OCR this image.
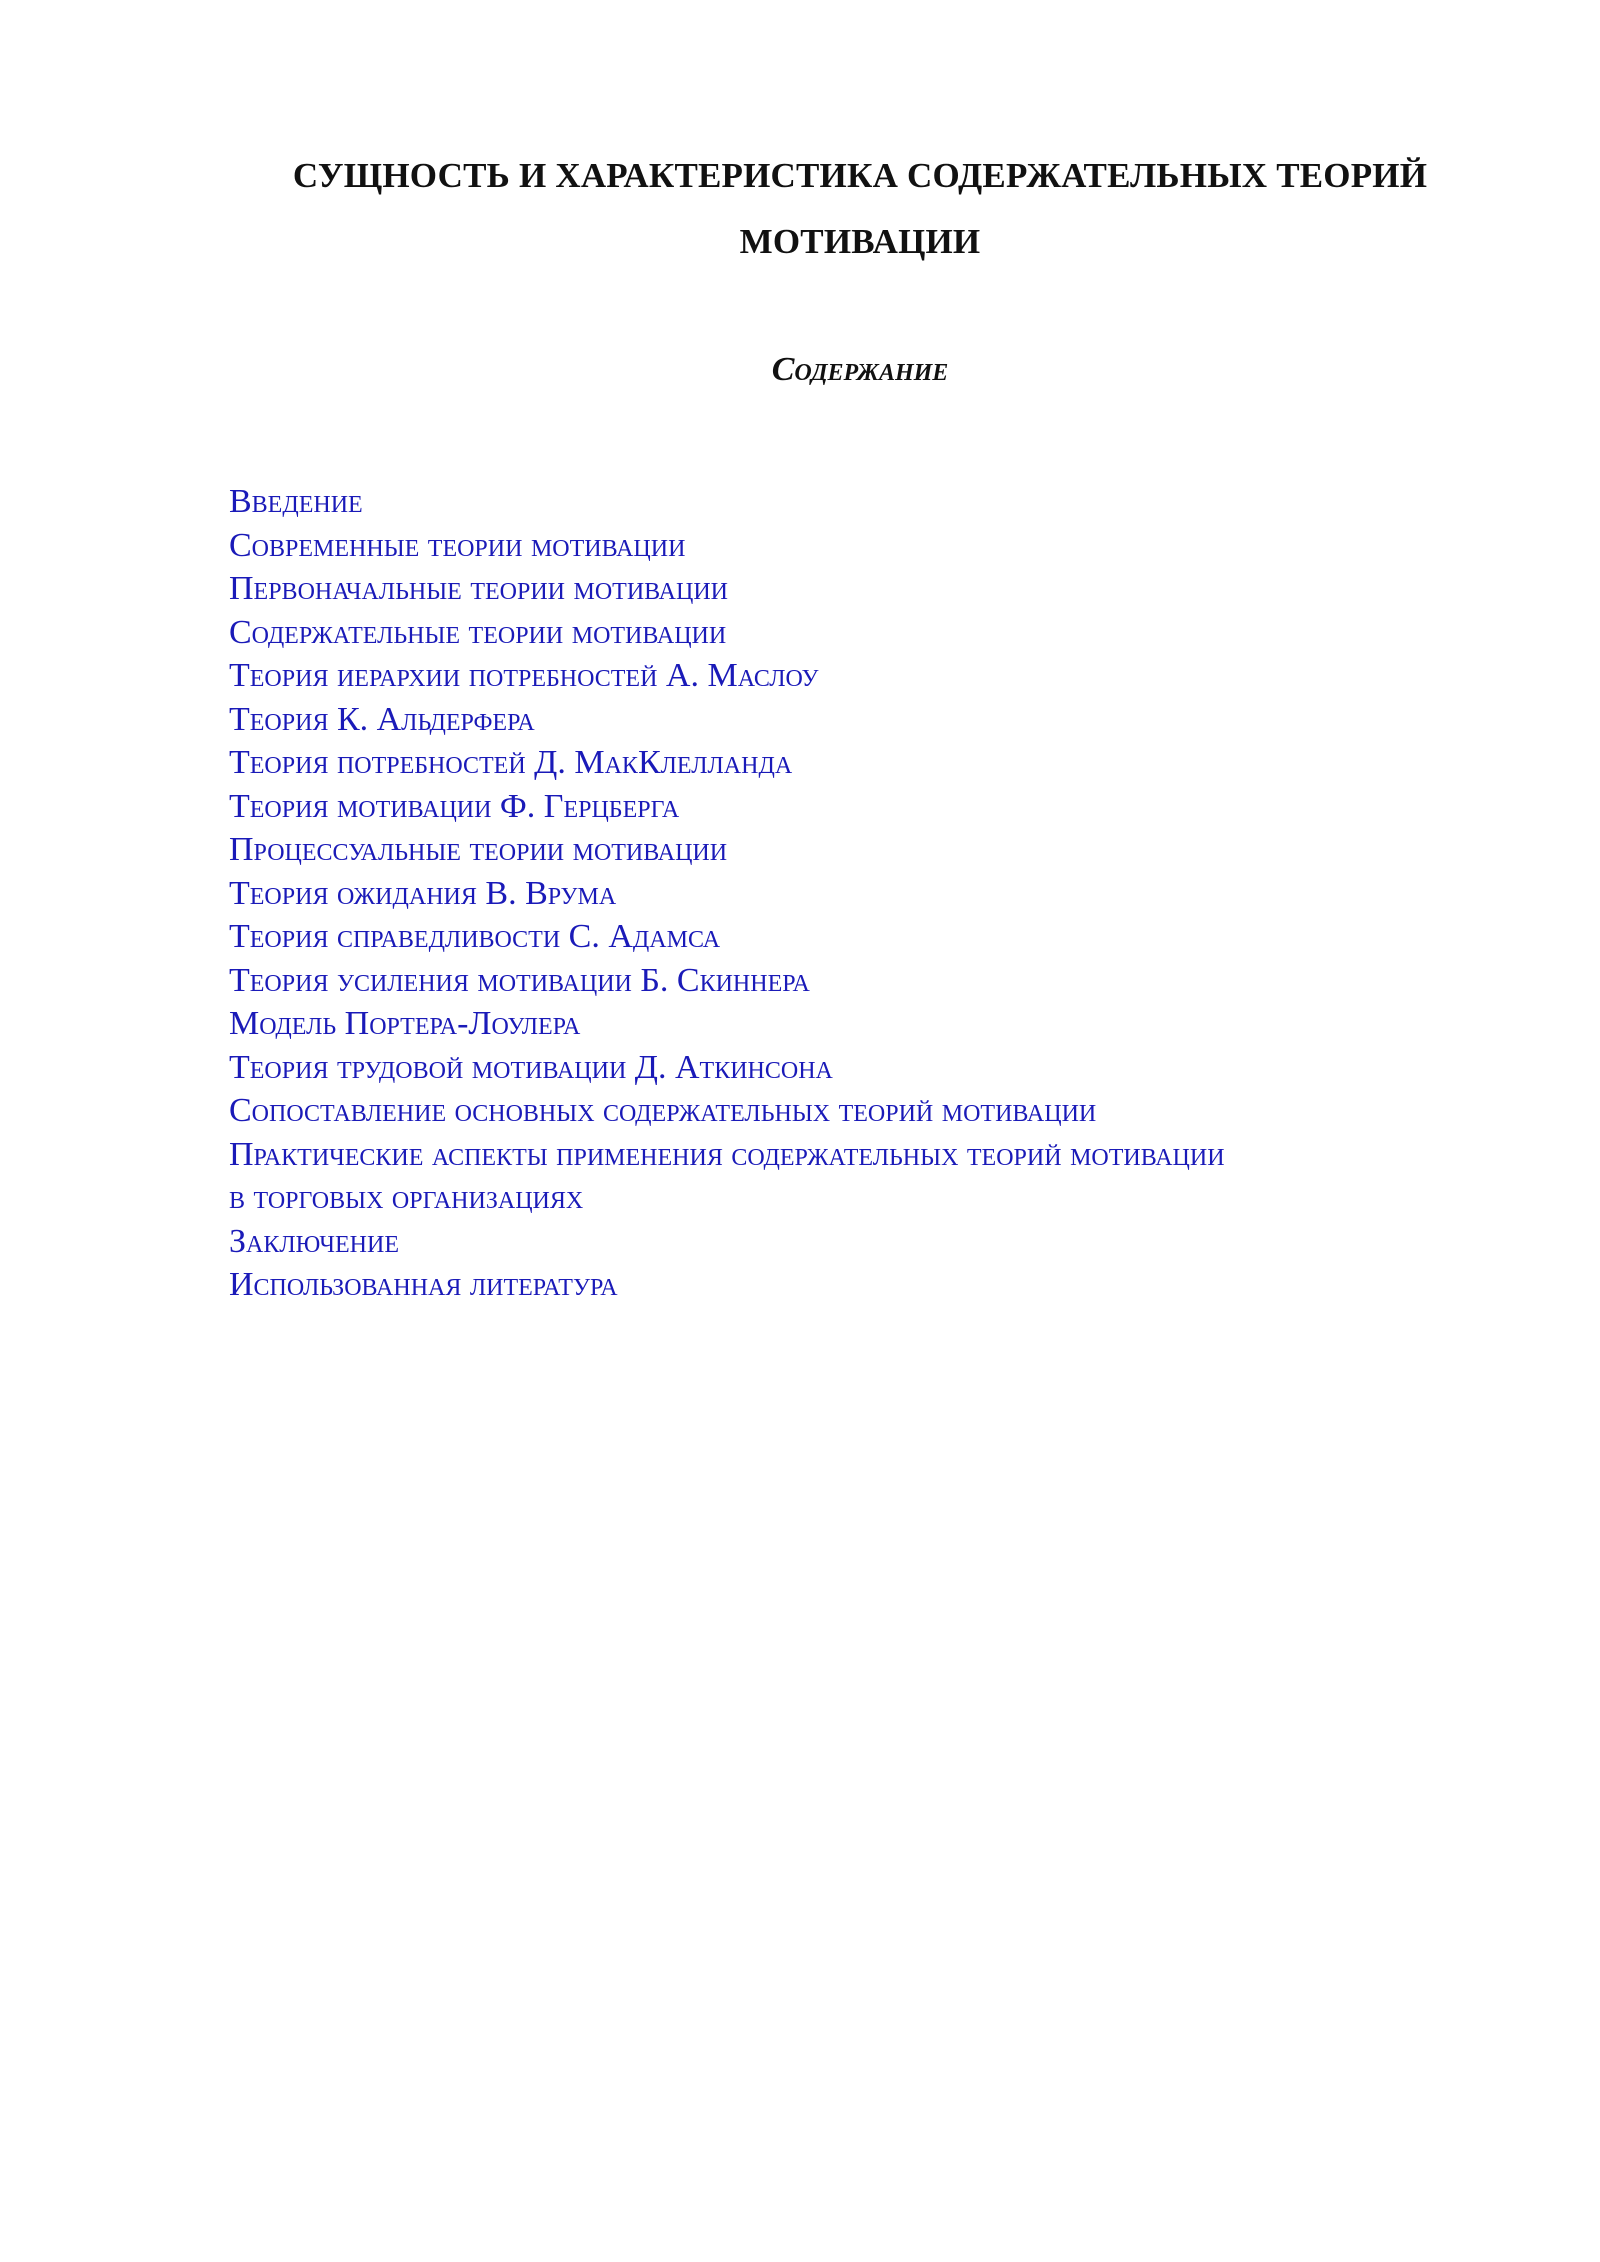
СУЩНОСТЬ И ХАРАКТЕРИСТИКА СОДЕРЖАТЕЛЬНЫХ ТЕОРИЙ
МОТИВАЦИИ
Содержание
Введение
Современные теории мотивации
Первоначальные теории мотивации
Содержательные теории мотивации
Теория иерархии потребностей А. Маслоу
Теория К. Альдерфера
Теория потребностей Д. МакКлелланда
Теория мотивации Ф. Герцберга
Процессуальные теории мотивации
Теория ожидания В. Врума
Теория справедливости С. Адамса
Теория усиления мотивации Б. Скиннера
Модель Портера-Лоулера
Теория трудовой мотивации Д. Аткинсона
Сопоставление основных содержательных теорий мотивации
Практические аспекты применения содержательных теорий мотивации
в торговых организациях
Заключение
Использованная литература
